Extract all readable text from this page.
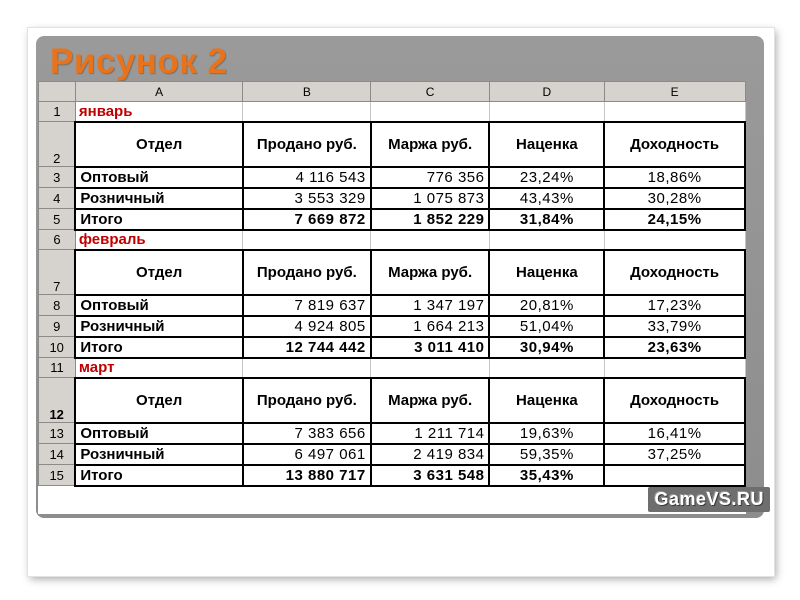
Рисунок 2
	A	B	C	D	E
1	январь				
2	Отдел	Продано руб.	Маржа руб.	Наценка	Доходность
3	Оптовый	4 116 543	776 356	23,24%	18,86%
4	Розничный	3 553 329	1 075 873	43,43%	30,28%
5	Итого	7 669 872	1 852 229	31,84%	24,15%
6	февраль				
7	Отдел	Продано руб.	Маржа руб.	Наценка	Доходность
8	Оптовый	7 819 637	1 347 197	20,81%	17,23%
9	Розничный	4 924 805	1 664 213	51,04%	33,79%
10	Итого	12 744 442	3 011 410	30,94%	23,63%
11	март				
12	Отдел	Продано руб.	Маржа руб.	Наценка	Доходность
13	Оптовый	7 383 656	1 211 714	19,63%	16,41%
14	Розничный	6 497 061	2 419 834	59,35%	37,25%
15	Итого	13 880 717	3 631 548	35,43%	
GameVS.RU
